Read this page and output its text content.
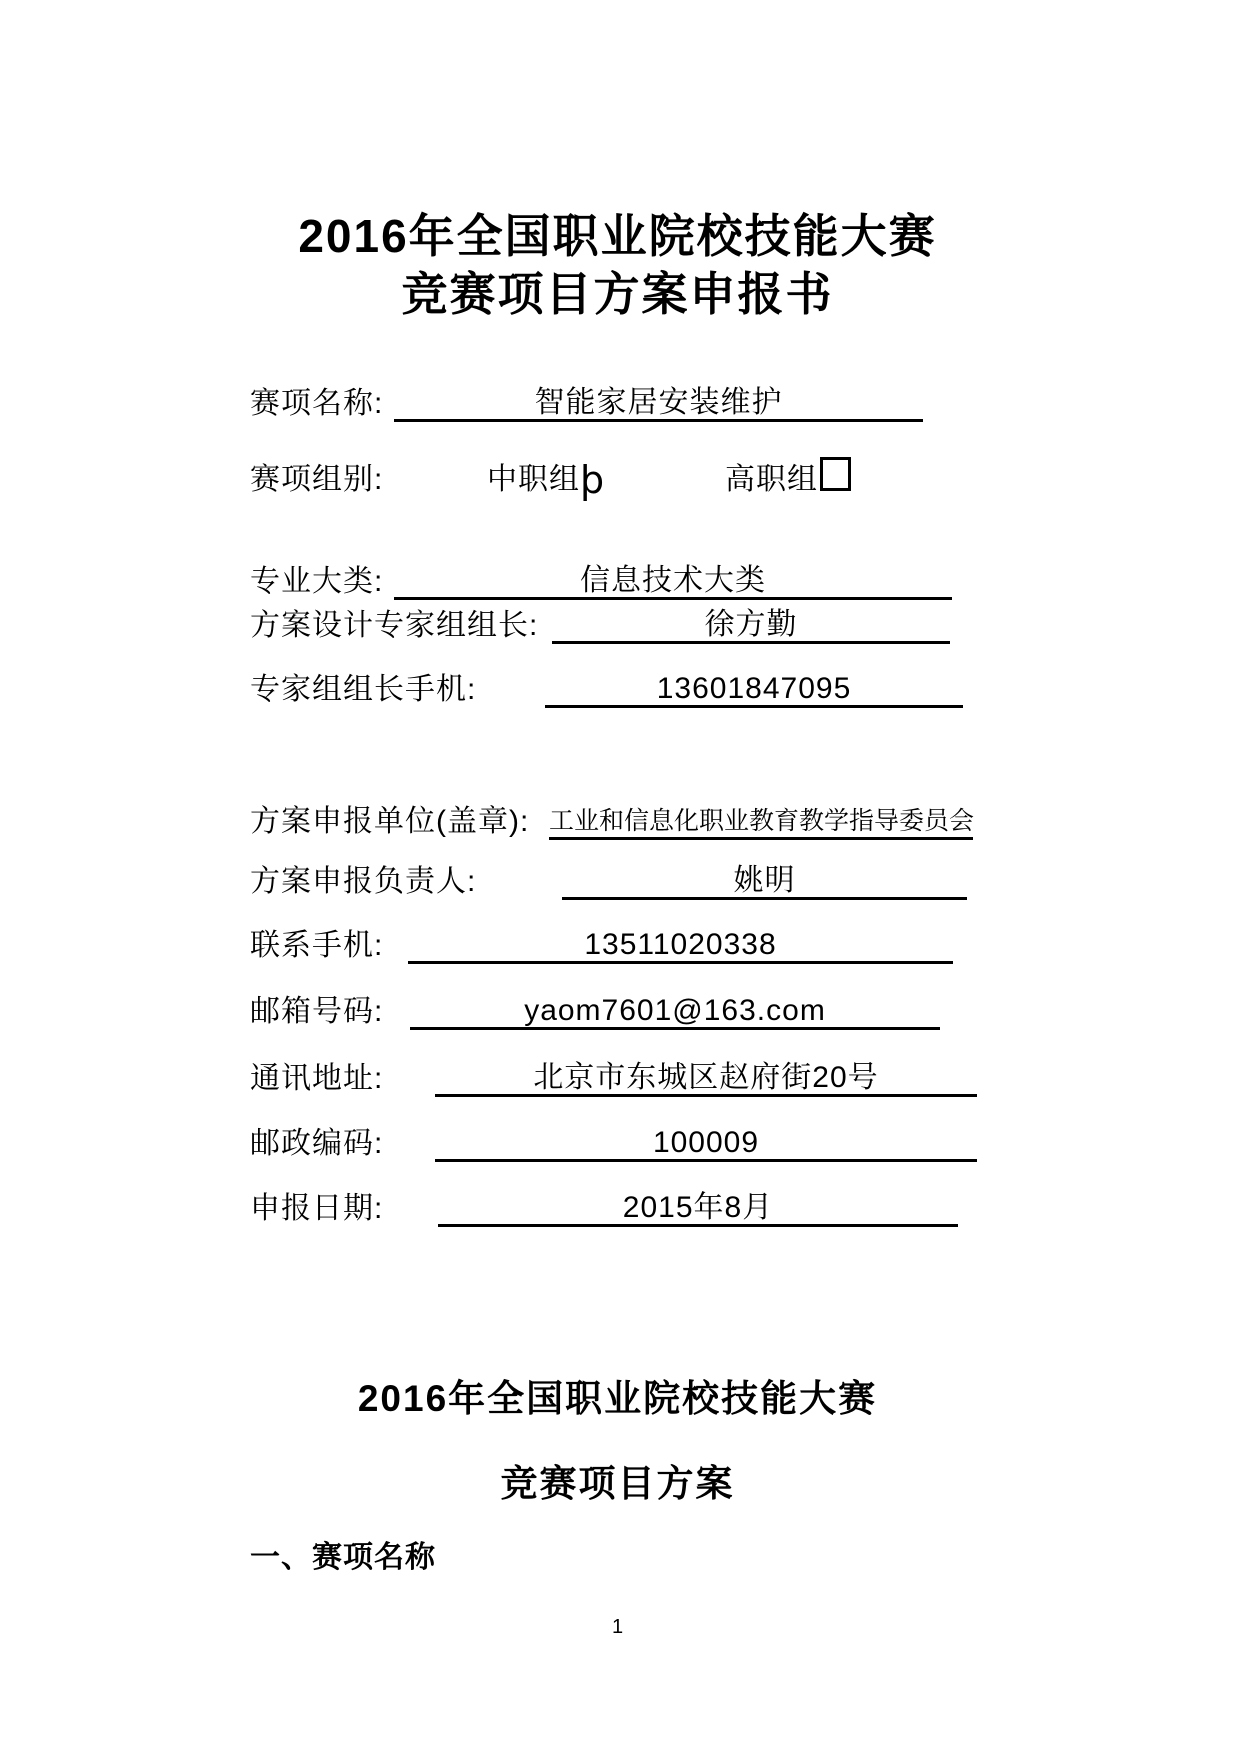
2016年全国职业院校技能大赛
竞赛项目方案申报书
赛项名称:	智能家居安装维护
赛项组别:	中职组þ	高职组
专业大类:	信息技术大类
方案设计专家组组长:	徐方勤
专家组组长手机:	13601847095
方案申报单位(盖章): 工业和信息化职业教育教学指导委员会
方案申报负责人:	姚明
联系手机:	13511020338
邮箱号码:	yaom7601@163.com
通讯地址:	北京市东城区赵府街20号
邮政编码:	100009
申报日期:	2015年8月
2016年全国职业院校技能大赛
竞赛项目方案
一、赛项名称
1
